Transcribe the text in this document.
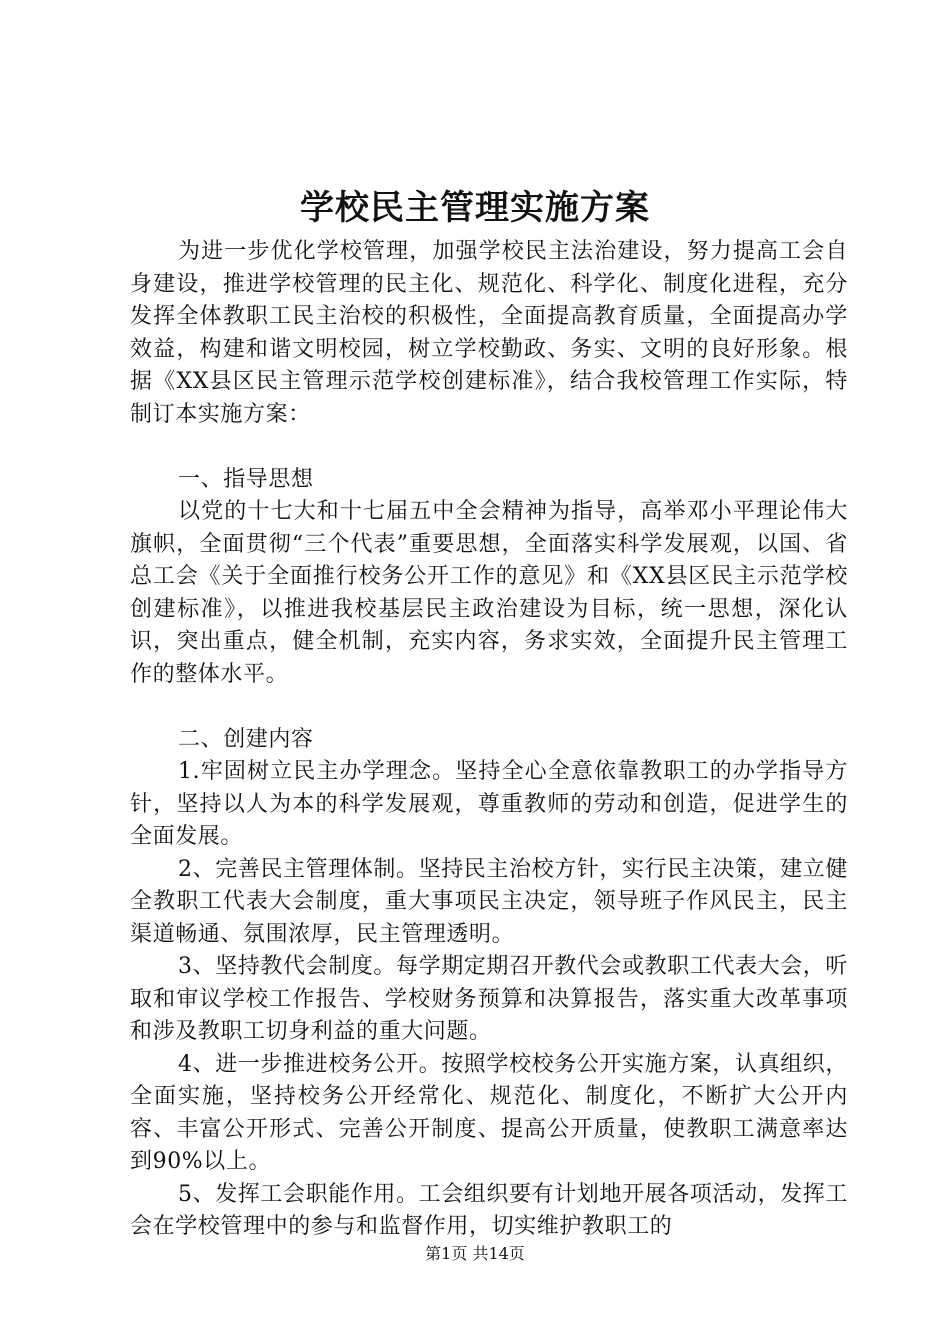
学校民主管理实施方案

为进一步优化学校管理，加强学校民主法治建设，努力提高工会自身建设，推进学校管理的民主化、规范化、科学化、制度化进程，充分发挥全体教职工民主治校的积极性，全面提高教育质量，全面提高办学效益，构建和谐文明校园，树立学校勤政、务实、文明的良好形象。根据《XX县区民主管理示范学校创建标准》，结合我校管理工作实际，特制订本实施方案：

一、指导思想

以党的十七大和十七届五中全会精神为指导，高举邓小平理论伟大旗帜，全面贯彻“三个代表”重要思想，全面落实科学发展观，以国、省总工会《关于全面推行校务公开工作的意见》和《XX县区民主示范学校创建标准》，以推进我校基层民主政治建设为目标，统一思想，深化认识，突出重点，健全机制，充实内容，务求实效，全面提升民主管理工作的整体水平。

二、创建内容

1.牢固树立民主办学理念。坚持全心全意依靠教职工的办学指导方针，坚持以人为本的科学发展观，尊重教师的劳动和创造，促进学生的全面发展。

2、完善民主管理体制。坚持民主治校方针，实行民主决策，建立健全教职工代表大会制度，重大事项民主决定，领导班子作风民主，民主渠道畅通、氛围浓厚，民主管理透明。

3、坚持教代会制度。每学期定期召开教代会或教职工代表大会，听取和审议学校工作报告、学校财务预算和决算报告，落实重大改革事项和涉及教职工切身利益的重大问题。

4、进一步推进校务公开。按照学校校务公开实施方案，认真组织，全面实施，坚持校务公开经常化、规范化、制度化，不断扩大公开内容、丰富公开形式、完善公开制度、提高公开质量，使教职工满意率达到90%以上。

5、发挥工会职能作用。工会组织要有计划地开展各项活动，发挥工会在学校管理中的参与和监督作用，切实维护教职工的

第1页 共14页
